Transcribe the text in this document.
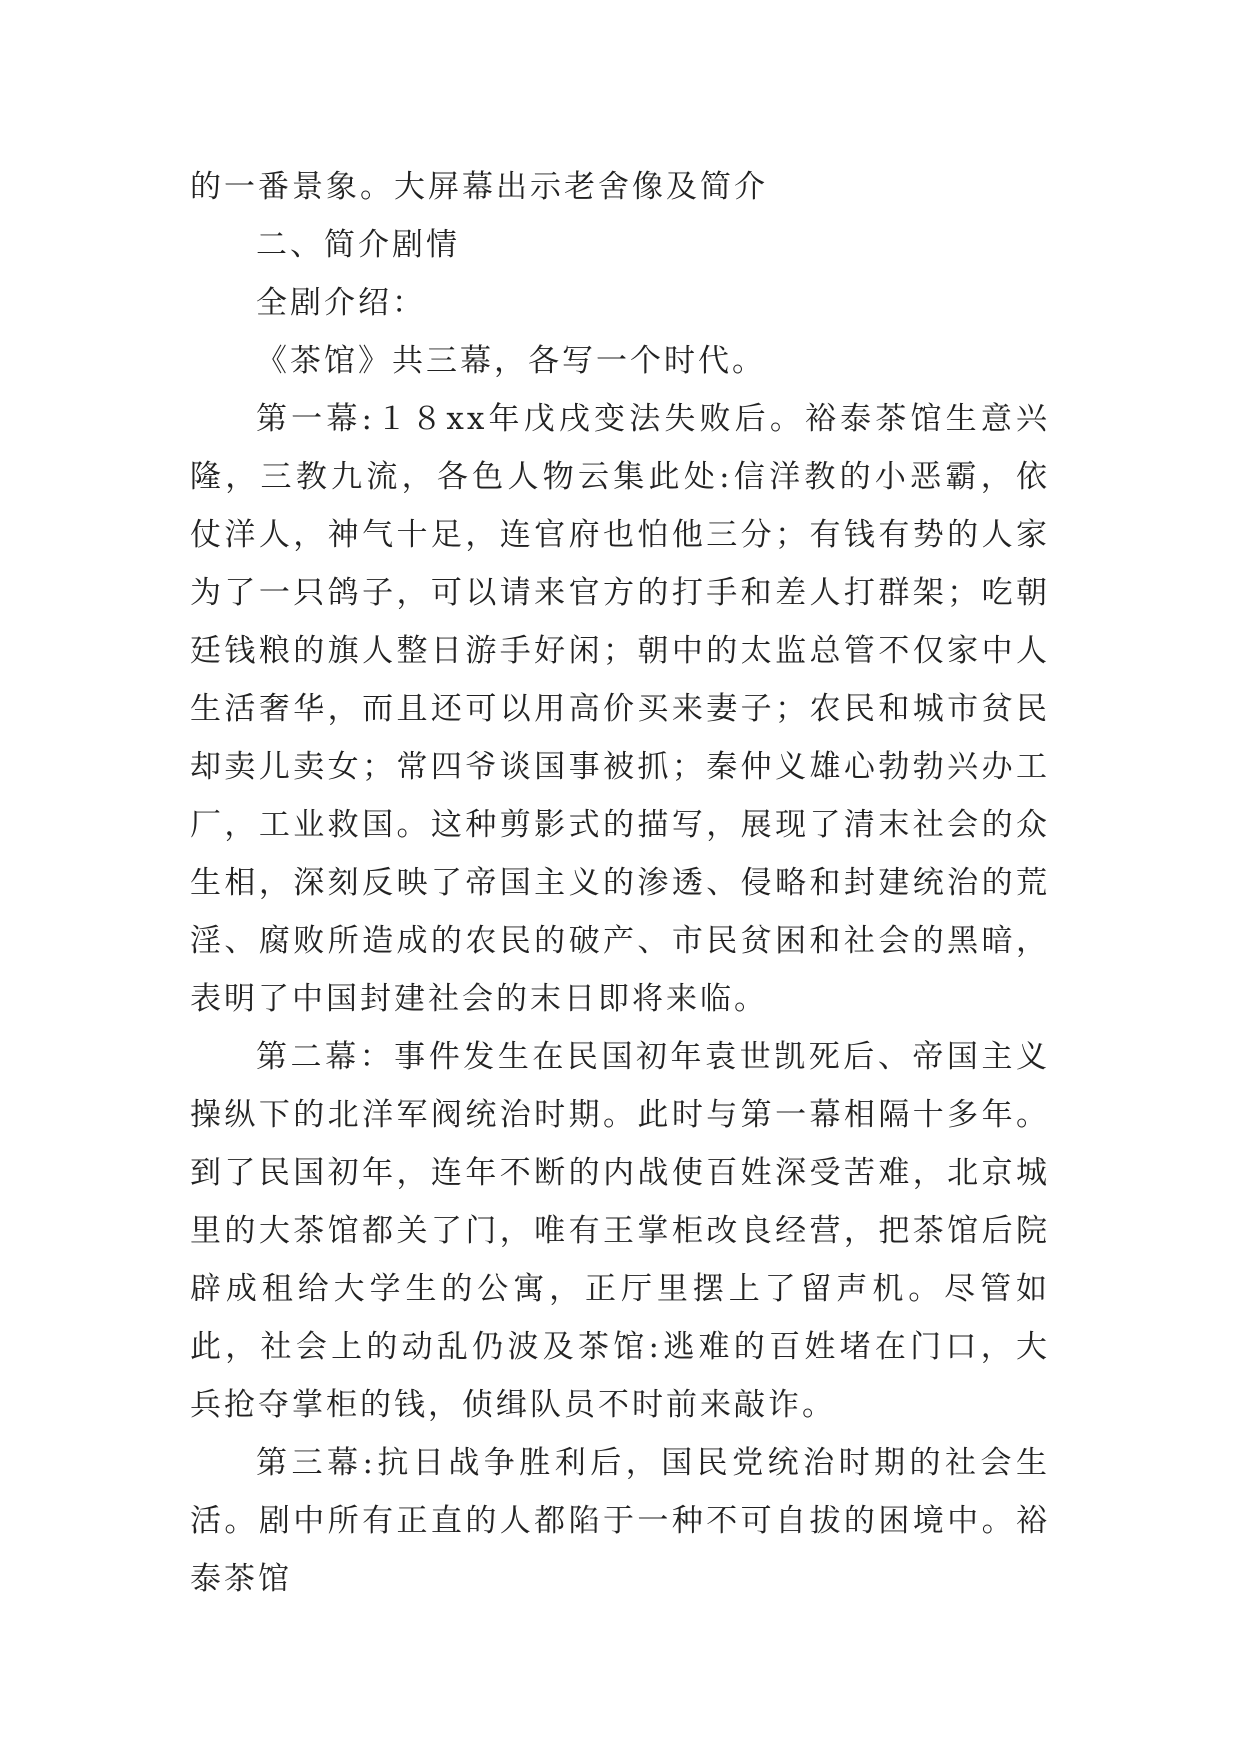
的一番景象。大屏幕出示老舍像及简介

二、简介剧情

全剧介绍：

《茶馆》共三幕，各写一个时代。

第一幕:１８xx年戊戌变法失败后。裕泰茶馆生意兴隆，三教九流，各色人物云集此处:信洋教的小恶霸，依仗洋人，神气十足，连官府也怕他三分；有钱有势的人家为了一只鸽子，可以请来官方的打手和差人打群架；吃朝廷钱粮的旗人整日游手好闲；朝中的太监总管不仅家中人生活奢华，而且还可以用高价买来妻子；农民和城市贫民却卖儿卖女；常四爷谈国事被抓；秦仲义雄心勃勃兴办工厂，工业救国。这种剪影式的描写，展现了清末社会的众生相，深刻反映了帝国主义的渗透、侵略和封建统治的荒淫、腐败所造成的农民的破产、市民贫困和社会的黑暗，表明了中国封建社会的末日即将来临。

第二幕：事件发生在民国初年袁世凯死后、帝国主义操纵下的北洋军阀统治时期。此时与第一幕相隔十多年。到了民国初年，连年不断的内战使百姓深受苦难，北京城里的大茶馆都关了门，唯有王掌柜改良经营，把茶馆后院辟成租给大学生的公寓，正厅里摆上了留声机。尽管如此，社会上的动乱仍波及茶馆:逃难的百姓堵在门口，大兵抢夺掌柜的钱，侦缉队员不时前来敲诈。

第三幕:抗日战争胜利后，国民党统治时期的社会生活。剧中所有正直的人都陷于一种不可自拔的困境中。裕泰茶馆
